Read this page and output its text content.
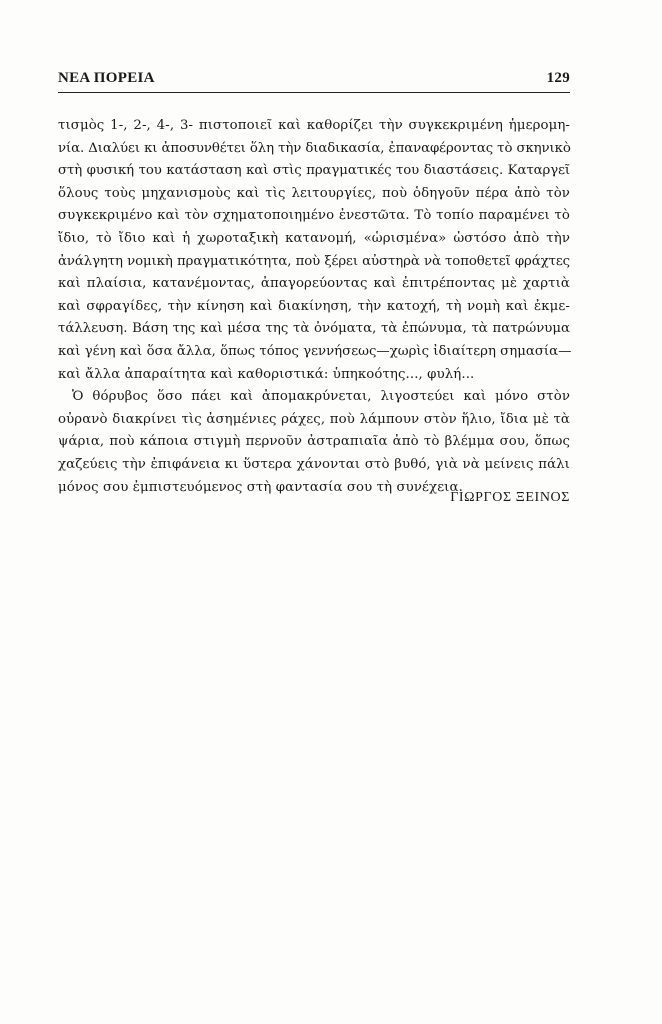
ΝΕΑ ΠΟΡΕΙΑ	129
τισμὸς 1-, 2-, 4-, 3- πιστοποιεῖ καὶ καθορίζει τὴν συγκεκριμένη ἡμερομη-
νία. Διαλύει κι ἀποσυνθέτει ὅλη τὴν διαδικασία, ἐπαναφέροντας τὸ σκηνικὸ
στὴ φυσική του κατάσταση καὶ στὶς πραγματικές του διαστάσεις. Καταργεῖ
ὅλους τοὺς μηχανισμοὺς καὶ τὶς λειτουργίες, ποὺ ὁδηγοῦν πέρα ἀπὸ τὸν
συγκεκριμένο καὶ τὸν σχηματοποιημένο ἐνεστῶτα. Τὸ τοπίο παραμένει τὸ
ἴδιο, τὸ ἴδιο καὶ ἡ χωροταξικὴ κατανομή, «ὡρισμένα» ὡστόσο ἀπὸ τὴν
ἀνάλγητη νομικὴ πραγματικότητα, ποὺ ξέρει αὐστηρὰ νὰ τοποθετεῖ φράχτες
καὶ πλαίσια, κατανέμοντας, ἀπαγορεύοντας καὶ ἐπιτρέποντας μὲ χαρτιὰ
καὶ σφραγίδες, τὴν κίνηση καὶ διακίνηση, τὴν κατοχή, τὴ νομὴ καὶ ἐκμε-
τάλλευση. Βάση της καὶ μέσα της τὰ ὀνόματα, τὰ ἐπώνυμα, τὰ πατρώνυμα
καὶ γένη καὶ ὅσα ἄλλα, ὅπως τόπος γεννήσεως—χωρὶς ἰδιαίτερη σημασία—
καὶ ἄλλα ἀπαραίτητα καὶ καθοριστικά: ὑπηκοότης..., φυλή...
Ὁ θόρυβος ὅσο πάει καὶ ἀπομακρύνεται, λιγοστεύει καὶ μόνο στὸν
οὐρανὸ διακρίνει τὶς ἀσημένιες ράχες, ποὺ λάμπουν στὸν ἥλιο, ἴδια μὲ τὰ
ψάρια, ποὺ κάποια στιγμὴ περνοῦν ἀστραπιαῖα ἀπὸ τὸ βλέμμα σου, ὅπως
χαζεύεις τὴν ἐπιφάνεια κι ὕστερα χάνονται στὸ βυθό, γιὰ νὰ μείνεις πάλι
μόνος σου ἐμπιστευόμενος στὴ φαντασία σου τὴ συνέχεια.
ΓΙΩΡΓΟΣ ΞΕΙΝΟΣ
